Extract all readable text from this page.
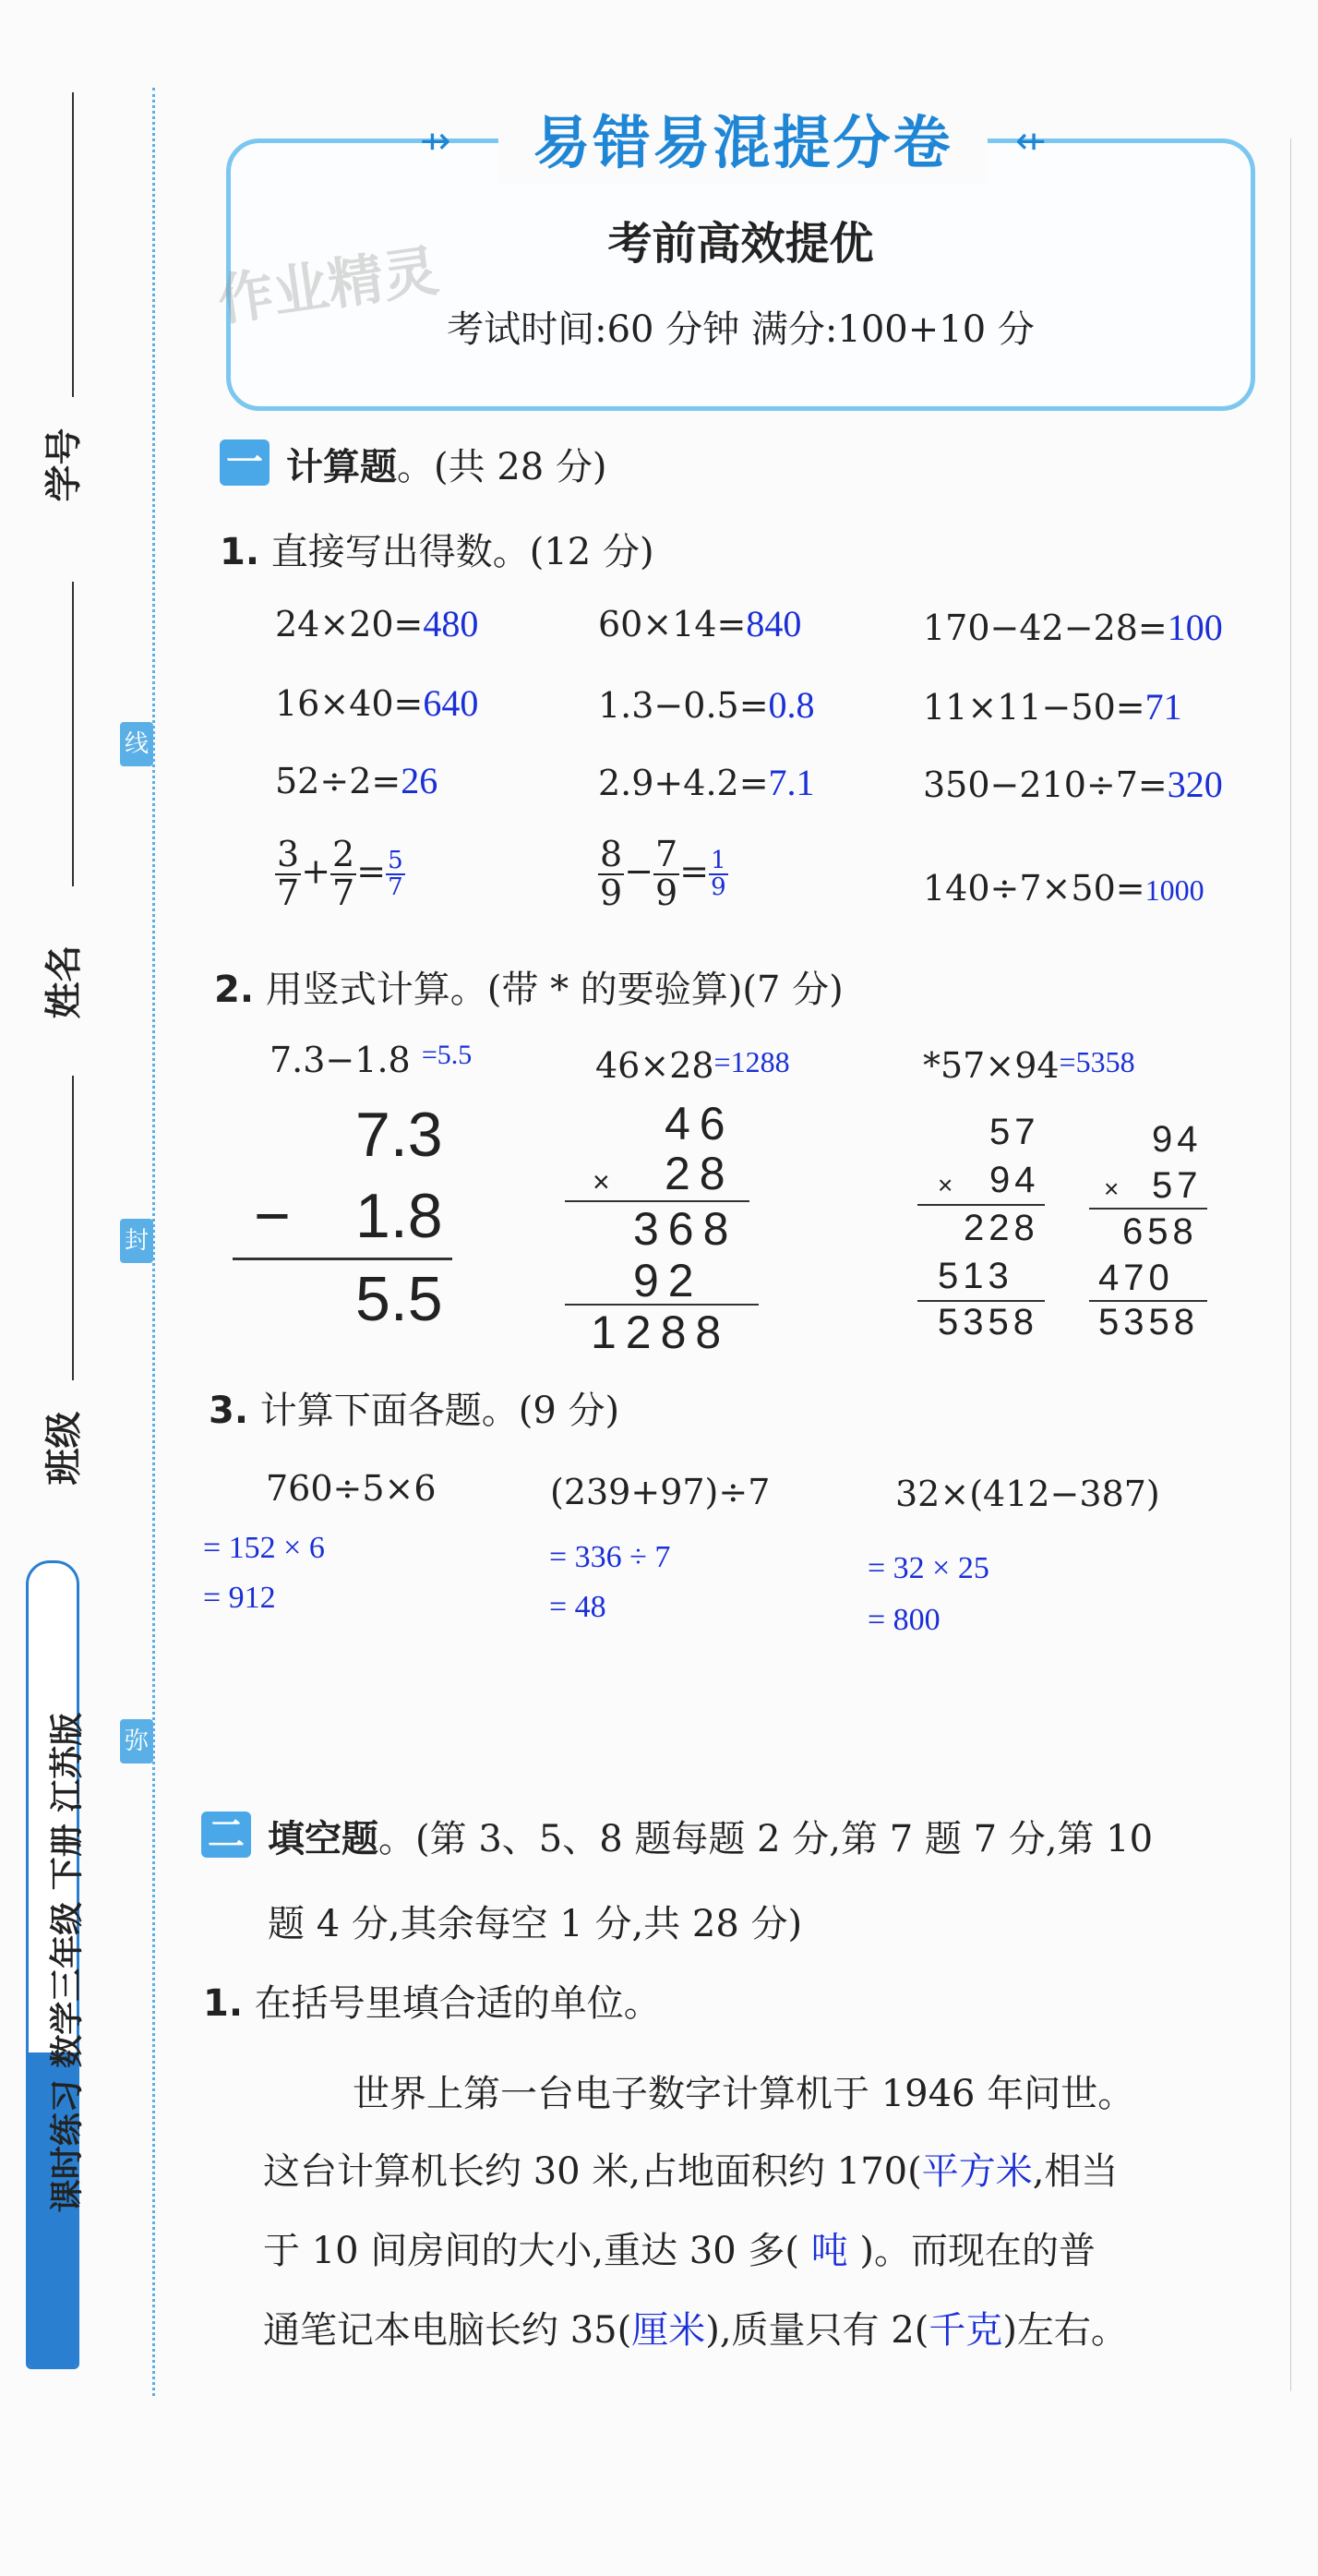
学号
姓名
班级
线
封
弥
课时练习 数学三年级 下册 江苏版
易错易混提分卷
⇸	⇷
考前高效提优
考试时间:60 分钟 满分:100+10 分
作业精灵
一 计算题。(共 28 分)
1. 直接写出得数。(12 分)
24×20=480	60×14=840	170−42−28=100
16×40=640	1.3−0.5=0.8	11×11−50=71
52÷2=26	2.9+4.2=7.1	350−210÷7=320
$\frac{3}{7} + \frac{2}{7} = \frac{5}{7}$	$\frac{8}{9} - \frac{7}{9} = \frac{1}{9}$	140÷7×50=1000
2. 用竖式计算。(带 * 的要验算)(7 分)
7.3−1.8 $^{=5.5}$	$46\times 28^{=1288}$	$*57\times 94^{=5358}$
7.3
− 1.8
5.5
46
× 28
368
92
1288
57
× 94
228
513
5358
94
× 57
658
470
5358
3. 计算下面各题。(9 分)
760÷5×6
= 152 × 6
= 912
(239+97)÷7
= 336 ÷ 7
= 48
32×(412−387)
= 32 × 25
= 800
二 填空题。(第 3、5、8 题每题 2 分,第 7 题 7 分,第 10
题 4 分,其余每空 1 分,共 28 分)
1. 在括号里填合适的单位。
世界上第一台电子数字计算机于 1946 年问世。
这台计算机长约 30 米,占地面积约 170(平方米,相当
于 10 间房间的大小,重达 30 多( 吨 )。而现在的普
通笔记本电脑长约 35(厘米),质量只有 2(千克)左右。
